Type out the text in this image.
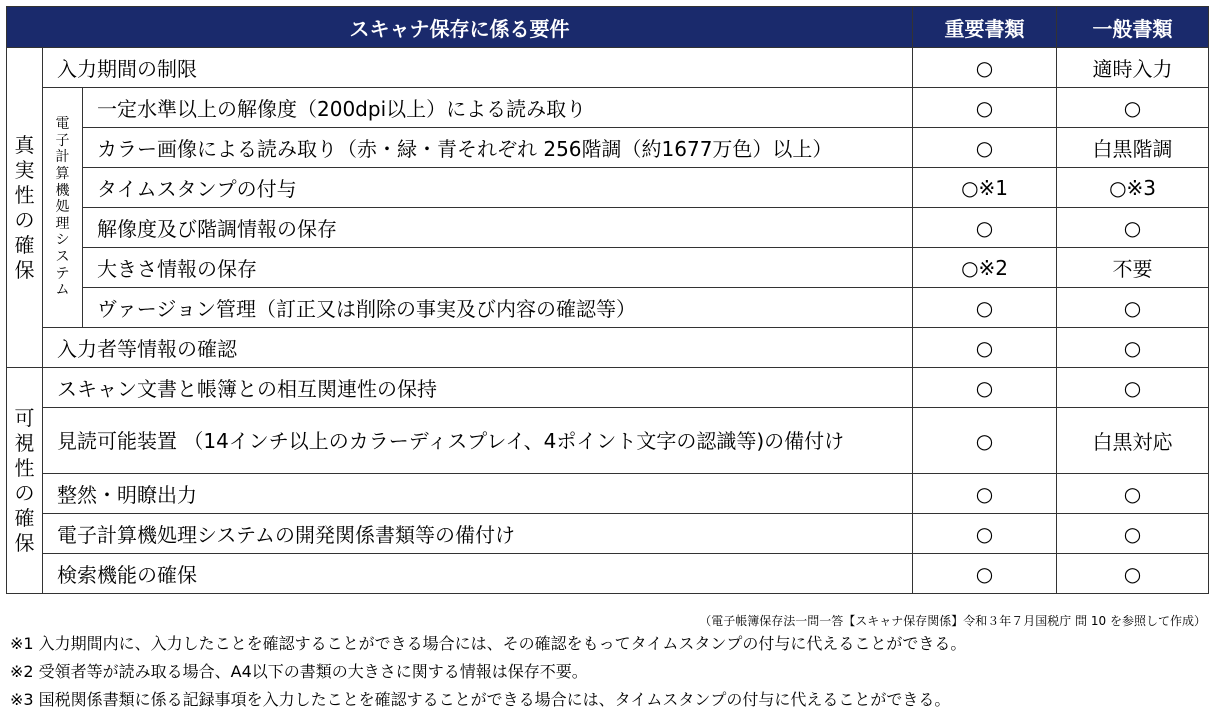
スキャナ保存に係る要件			重要書類	一般書類
真実性の確保	入力期間の制限		○	適時入力
	電子計算機処理システム	一定水準以上の解像度（200dpi以上）による読み取り	○	○
		カラー画像による読み取り（赤・緑・青それぞれ 256階調（約1677万色）以上）	○	白黒階調
		タイムスタンプの付与	○※1	○※3
		解像度及び階調情報の保存	○	○
		大きさ情報の保存	○※2	不要
		ヴァージョン管理（訂正又は削除の事実及び内容の確認等）	○	○
	入力者等情報の確認		○	○
可視性の確保	スキャン文書と帳簿との相互関連性の保持		○	○
	見読可能装置 （14インチ以上のカラーディスプレイ、4ポイント文字の認識等)の備付け		○	白黒対応
	整然・明瞭出力		○	○
	電子計算機処理システムの開発関係書類等の備付け		○	○
	検索機能の確保		○	○
（電子帳簿保存法一問一答【スキャナ保存関係】令和３年７月国税庁 問 10 を参照して作成）
※1 入力期間内に、入力したことを確認することができる場合には、その確認をもってタイムスタンプの付与に代えることができる。
※2 受領者等が読み取る場合、A4以下の書類の大きさに関する情報は保存不要。
※3 国税関係書類に係る記録事項を入力したことを確認することができる場合には、タイムスタンプの付与に代えることができる。
